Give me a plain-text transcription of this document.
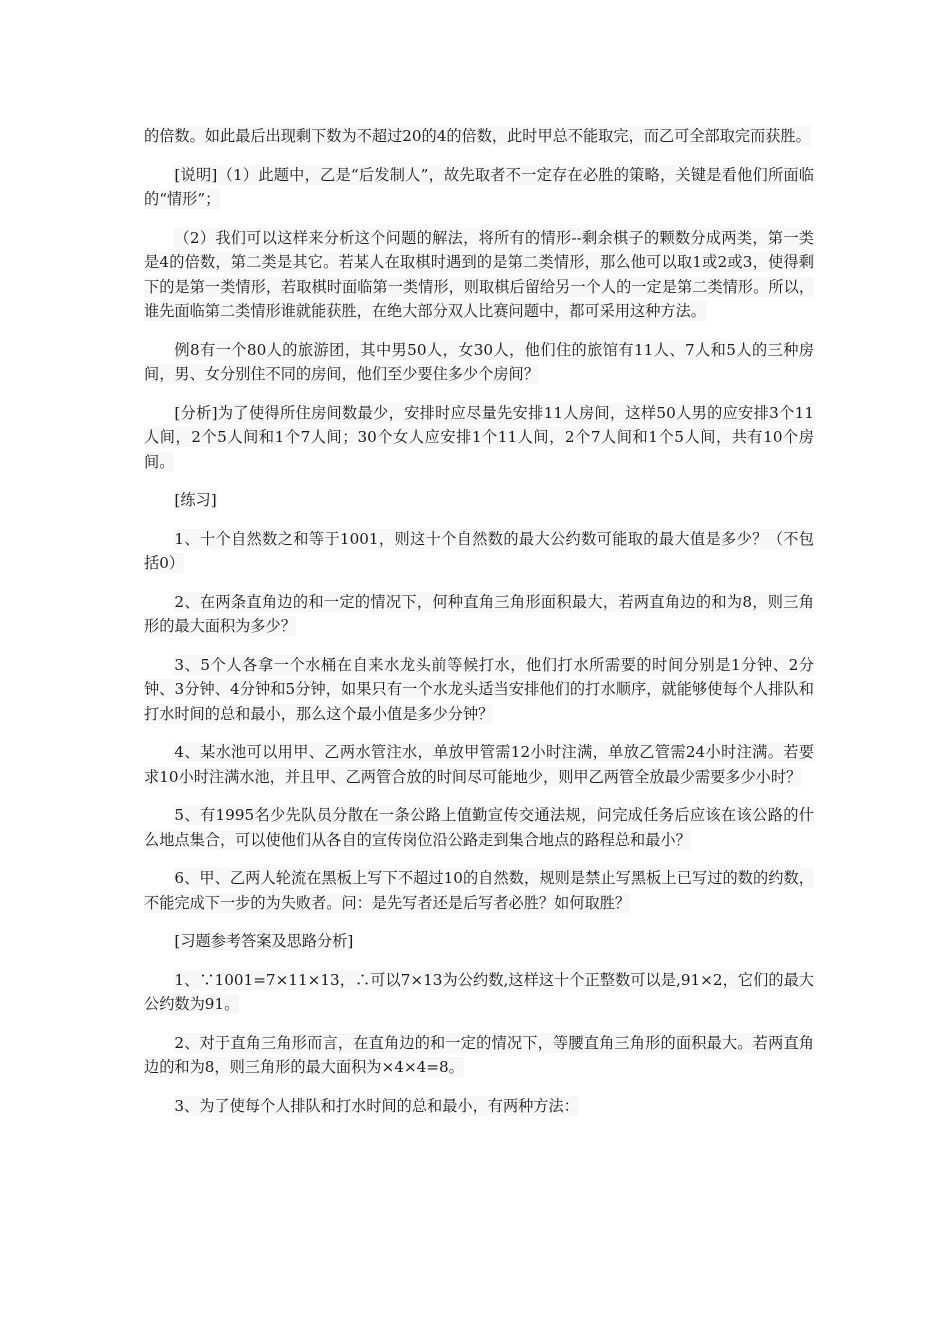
的倍数。如此最后出现剩下数为不超过20的4的倍数，此时甲总不能取完，而乙可全部取完而获胜。

[说明]（1）此题中，乙是“后发制人”，故先取者不一定存在必胜的策略，关键是看他们所面临的“情形”；

（2）我们可以这样来分析这个问题的解法，将所有的情形--剩余棋子的颗数分成两类，第一类是4的倍数，第二类是其它。若某人在取棋时遇到的是第二类情形，那么他可以取1或2或3，使得剩下的是第一类情形，若取棋时面临第一类情形，则取棋后留给另一个人的一定是第二类情形。所以，谁先面临第二类情形谁就能获胜，在绝大部分双人比赛问题中，都可采用这种方法。

例8有一个80人的旅游团，其中男50人，女30人，他们住的旅馆有11人、7人和5人的三种房间，男、女分别住不同的房间，他们至少要住多少个房间？

[分析]为了使得所住房间数最少，安排时应尽量先安排11人房间，这样50人男的应安排3个11人间，2个5人间和1个7人间；30个女人应安排1个11人间，2个7人间和1个5人间，共有10个房间。

[练习]

1、十个自然数之和等于1001，则这十个自然数的最大公约数可能取的最大值是多少？（不包括0）

2、在两条直角边的和一定的情况下，何种直角三角形面积最大，若两直角边的和为8，则三角形的最大面积为多少？

3、5个人各拿一个水桶在自来水龙头前等候打水，他们打水所需要的时间分别是1分钟、2分钟、3分钟、4分钟和5分钟，如果只有一个水龙头适当安排他们的打水顺序，就能够使每个人排队和打水时间的总和最小，那么这个最小值是多少分钟？

4、某水池可以用甲、乙两水管注水，单放甲管需12小时注满，单放乙管需24小时注满。若要求10小时注满水池，并且甲、乙两管合放的时间尽可能地少，则甲乙两管全放最少需要多少小时？

5、有1995名少先队员分散在一条公路上值勤宣传交通法规，问完成任务后应该在该公路的什么地点集合，可以使他们从各自的宣传岗位沿公路走到集合地点的路程总和最小？

6、甲、乙两人轮流在黑板上写下不超过10的自然数，规则是禁止写黑板上已写过的数的约数，不能完成下一步的为失败者。问：是先写者还是后写者必胜？如何取胜？

[习题参考答案及思路分析]

1、∵1001=7×11×13，∴可以7×13为公约数,这样这十个正整数可以是,91×2，它们的最大公约数为91。

2、对于直角三角形而言，在直角边的和一定的情况下，等腰直角三角形的面积最大。若两直角边的和为8，则三角形的最大面积为×4×4=8。

3、为了使每个人排队和打水时间的总和最小，有两种方法：
